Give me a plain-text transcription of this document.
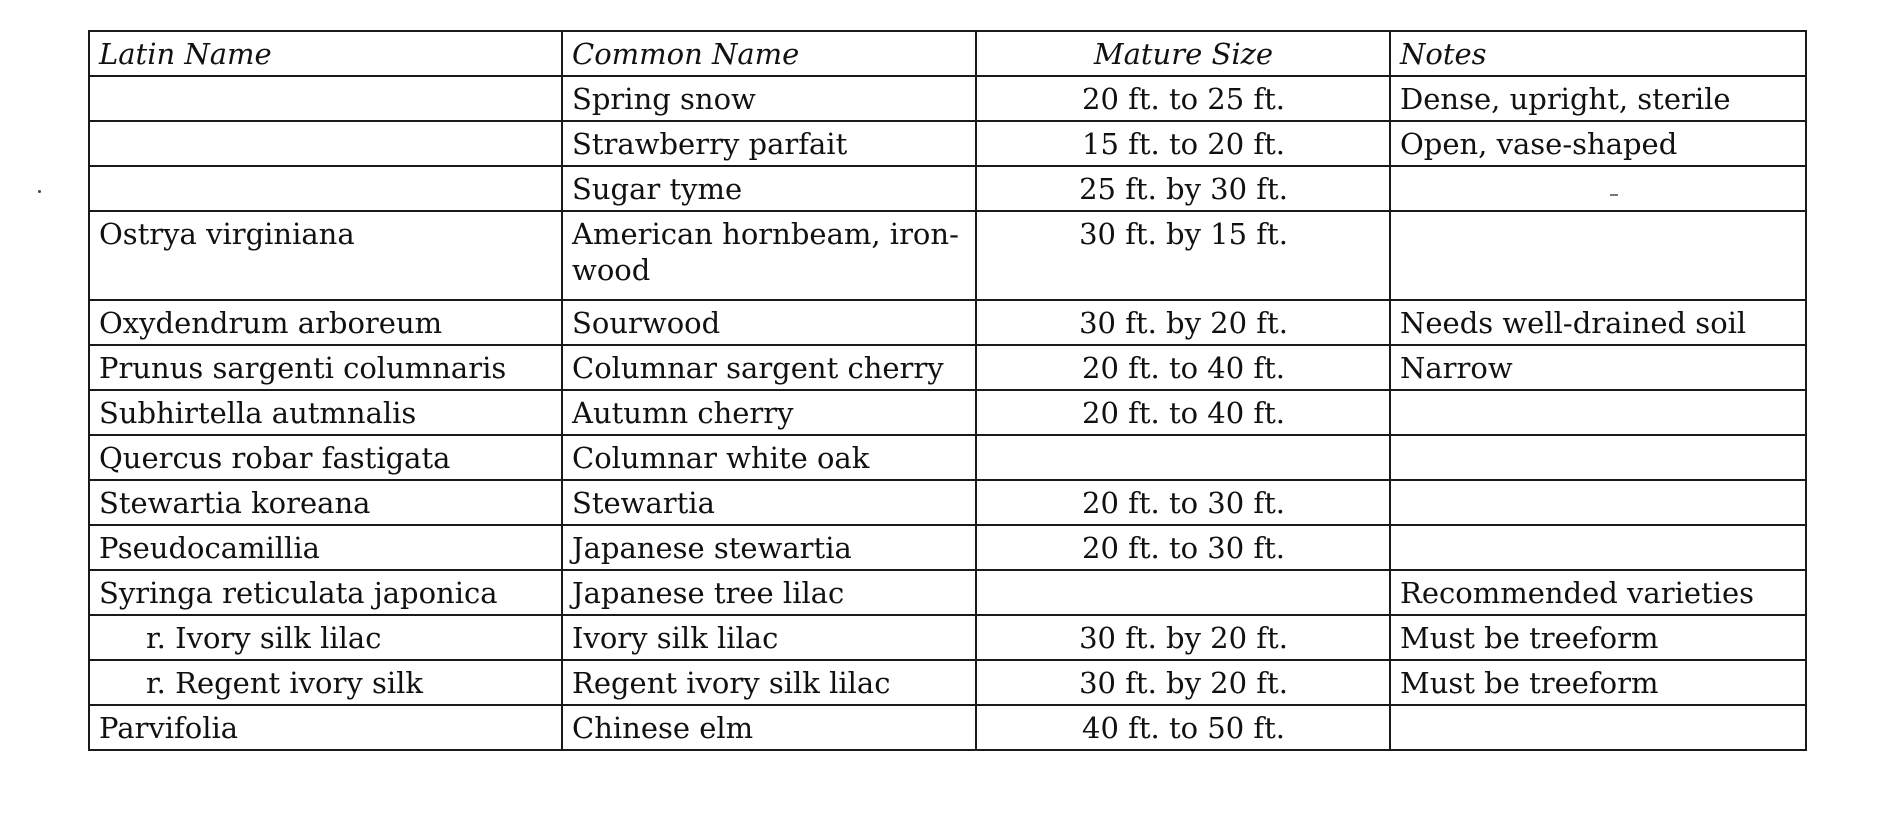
Latin Name	Common Name	Mature Size	Notes
	Spring snow	20 ft. to 25 ft.	Dense, upright, sterile
	Strawberry parfait	15 ft. to 20 ft.	Open, vase-shaped
	Sugar tyme	25 ft. by 30 ft.	
Ostrya virginiana	American hornbeam, iron-wood	30 ft. by 15 ft.	
Oxydendrum arboreum	Sourwood	30 ft. by 20 ft.	Needs well-drained soil
Prunus sargenti columnaris	Columnar sargent cherry	20 ft. to 40 ft.	Narrow
Subhirtella autmnalis	Autumn cherry	20 ft. to 40 ft.	
Quercus robar fastigata	Columnar white oak		
Stewartia koreana	Stewartia	20 ft. to 30 ft.	
Pseudocamillia	Japanese stewartia	20 ft. to 30 ft.	
Syringa reticulata japonica	Japanese tree lilac		Recommended varieties
r. Ivory silk lilac	Ivory silk lilac	30 ft. by 20 ft.	Must be treeform
r. Regent ivory silk	Regent ivory silk lilac	30 ft. by 20 ft.	Must be treeform
Parvifolia	Chinese elm	40 ft. to 50 ft.	
